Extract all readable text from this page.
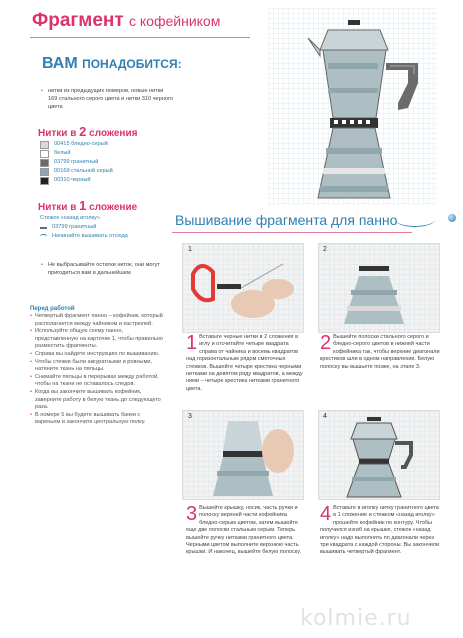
Фрагмент с кофейником
ВАМ ПОНАДОБИТСЯ:
• нитки из предыдущих номеров, новые нитки 169 стального серого цвета и нитки 310 черного цвета
Нитки в 2 сложения
00415 бледно-серый
белый
03799 гранитный
00169 стальной серый
00310 черный
Нитки в 1 сложение
Стежок «назад иголку»
03799 гранитный
Начинайте вышивать отсюда
• Не выбрасывайте остатки ниток, они могут пригодиться вам в дальнейшем
Перед работой
• Четвертый фрагмент панно – кофейник, который располагается между чайником и кастрюлей.
• Используйте общую схему панно, представленную на карточке 1, чтобы правильно разместить фрагменты.
• Справа вы найдете инструкцию по вышиванию.
• Чтобы стежки были аккуратными и ровными, натяните ткань на пяльцы.
• Снимайте пяльцы в перерывах между работой, чтобы на ткани не оставалось следов.
• Когда вы закончите вышивать кофейник, заверните работу в белую ткань до следующего раза.
• В номере 5 вы будете вышивать банки с вареньем и закончите центральную полку.
Вышивание фрагмента для панно
1	2
3	4
1 Вставьте черные нитки в 2 сложения в иглу и отсчитайте четыре квадрата справа от чайника и восемь квадратов над горизонтальным рядом сметочных стежков. Вышейте четыре крестика черными нитками на девятом ряду квадратов, а между ними – четыре крестика нитками гранитного цвета.
2 Вышейте полоски стального серого и бледно-серого цветов в нижней части кофейника так, чтобы верхние диагонали крестиков шли в одном направлении. Белую полоску вы вышьете позже, на этапе 3.
3 Вышейте крышку, носик, часть ручки и полоску верхней части кофейника бледно-серым цветом, затем вышейте еще две полоски стальным серым. Теперь вышейте ручку нитками гранитного цвета. Черными цветом выполните верхнюю часть крышки. И наконец, вышейте белую полоску.
4 Вставьте в иголку нитку гранитного цвета в 1 сложение и стежком «назад иголку» прошейте кофейник по контуру. Чтобы получился изгиб на крышке, стежок «назад иголку» надо выполнять по диагонали через три квадрата с каждой стороны. Вы закончили вышивать четвертый фрагмент.
kolmie.ru
